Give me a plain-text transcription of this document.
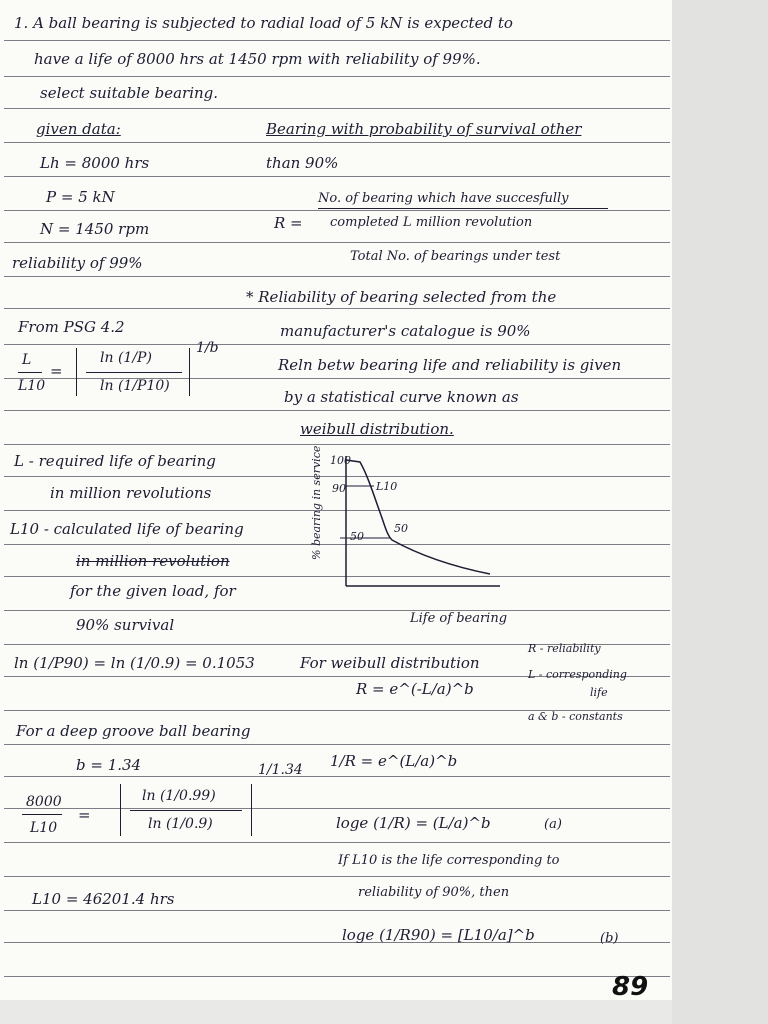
1. A ball bearing is subjected to radial load of 5 kN is expected to
have a life of 8000 hrs at 1450 rpm with reliability of 99%.
select suitable bearing.
given data:
Lh = 8000 hrs
P = 5 kN
N = 1450 rpm
reliability of 99%
Bearing with probability of survival other
than 90%
No. of bearing which have succesfully
R = completed L million revolution
Total No. of bearings under test
* Reliability of bearing selected from the
manufacturer's catalogue is 90%
Reln betw bearing life and reliability is given
by a statistical curve known as
weibull distribution.
From PSG 4.2
L
L10
=
ln (1/P)
ln (1/P10)
1/b
L - required life of bearing
in million revolutions
L10 - calculated life of bearing
in million revolution
for the given load, for
90% survival
% bearing in service 100
90
50
50
L10
Life of bearing
ln (1/P90) = ln (1/0.9) = 0.1053
For a deep groove ball bearing
b = 1.34
8000
L10
=
ln (1/0.99)
ln (1/0.9)
1/1.34
L10 = 46201.4 hrs
For weibull distribution
R = e^(-L/a)^b
R - reliability
L - corresponding
life
a & b - constants
1/R = e^(L/a)^b
loge (1/R) = (L/a)^b	(a)
If L10 is the life corresponding to
reliability of 90%, then
loge (1/R90) = [L10/a]^b	(b)
89
